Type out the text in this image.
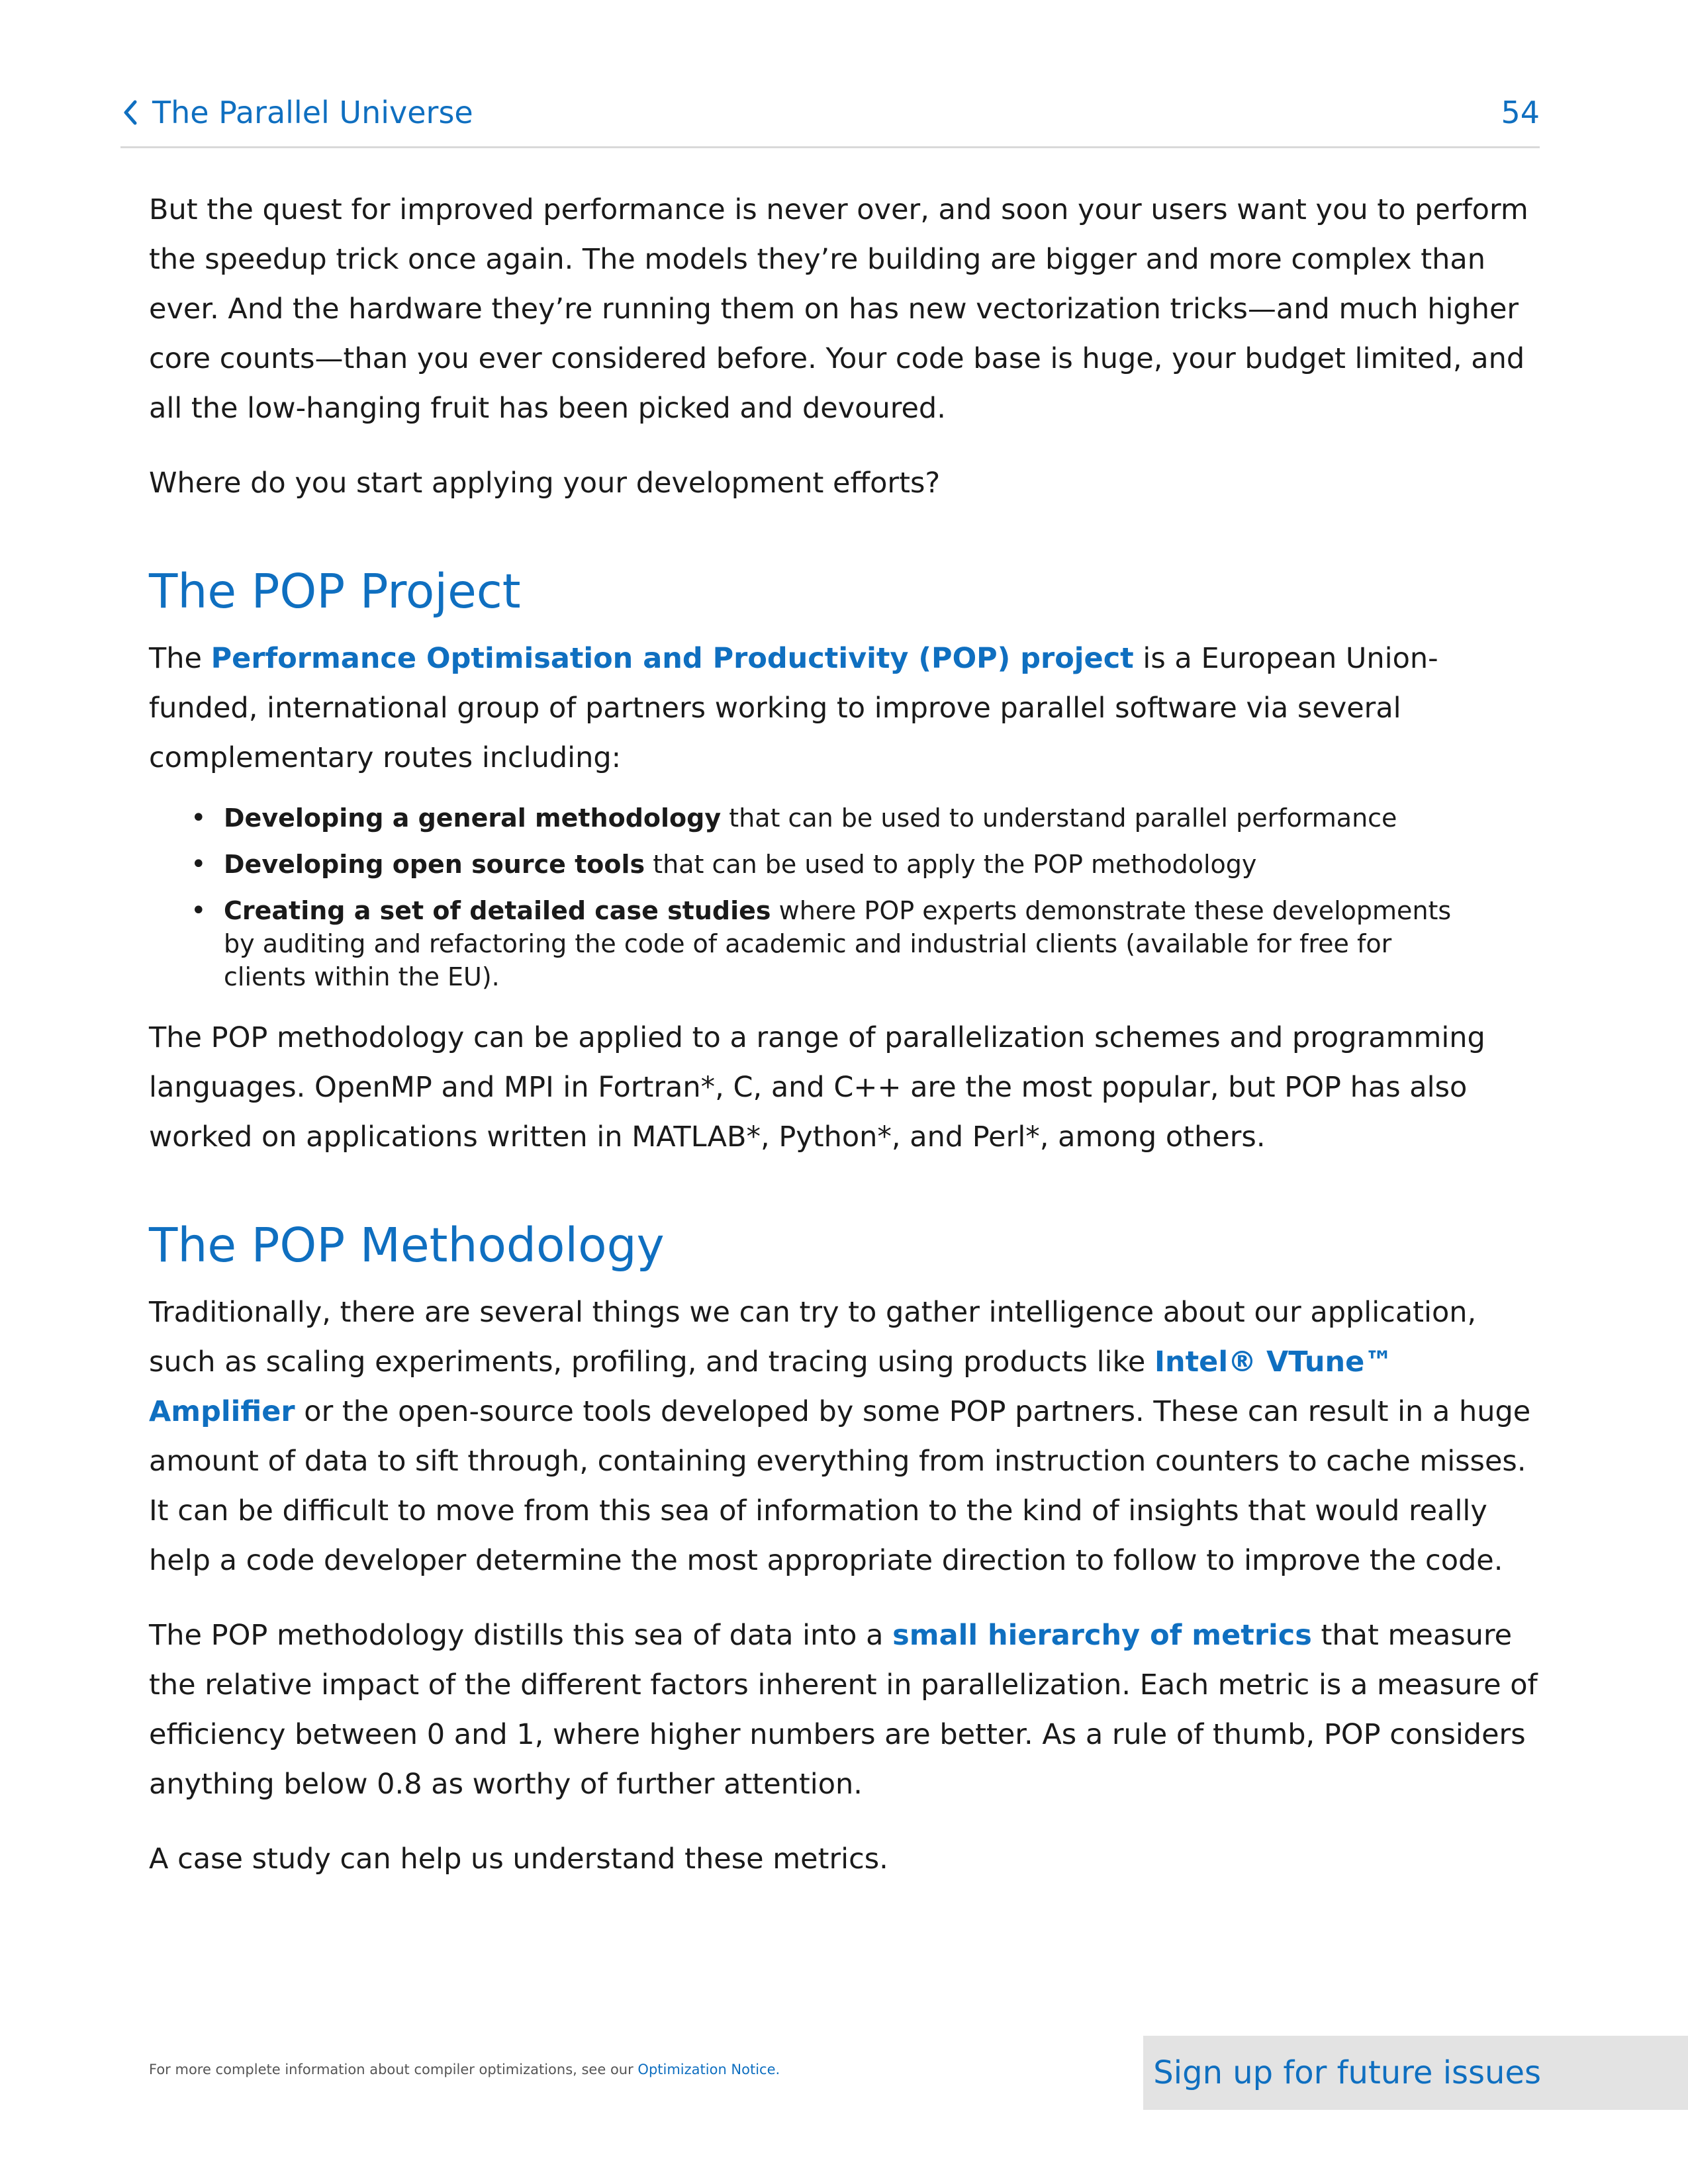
The Parallel Universe	54

But the quest for improved performance is never over, and soon your users want you to perform the speedup trick once again. The models they’re building are bigger and more complex than ever. And the hardware they’re running them on has new vectorization tricks—and much higher core counts—than you ever considered before. Your code base is huge, your budget limited, and all the low-hanging fruit has been picked and devoured.

Where do you start applying your development efforts?

The POP Project

The Performance Optimisation and Productivity (POP) project is a European Union-funded, international group of partners working to improve parallel software via several complementary routes including:

• Developing a general methodology that can be used to understand parallel performance
• Developing open source tools that can be used to apply the POP methodology
• Creating a set of detailed case studies where POP experts demonstrate these developments by auditing and refactoring the code of academic and industrial clients (available for free for clients within the EU).

The POP methodology can be applied to a range of parallelization schemes and programming languages. OpenMP and MPI in Fortran*, C, and C++ are the most popular, but POP has also worked on applications written in MATLAB*, Python*, and Perl*, among others.

The POP Methodology

Traditionally, there are several things we can try to gather intelligence about our application, such as scaling experiments, profiling, and tracing using products like Intel® VTune™ Amplifier or the open-source tools developed by some POP partners. These can result in a huge amount of data to sift through, containing everything from instruction counters to cache misses. It can be difficult to move from this sea of information to the kind of insights that would really help a code developer determine the most appropriate direction to follow to improve the code.

The POP methodology distills this sea of data into a small hierarchy of metrics that measure the relative impact of the different factors inherent in parallelization. Each metric is a measure of efficiency between 0 and 1, where higher numbers are better. As a rule of thumb, POP considers anything below 0.8 as worthy of further attention.

A case study can help us understand these metrics.

For more complete information about compiler optimizations, see our Optimization Notice.	Sign up for future issues
